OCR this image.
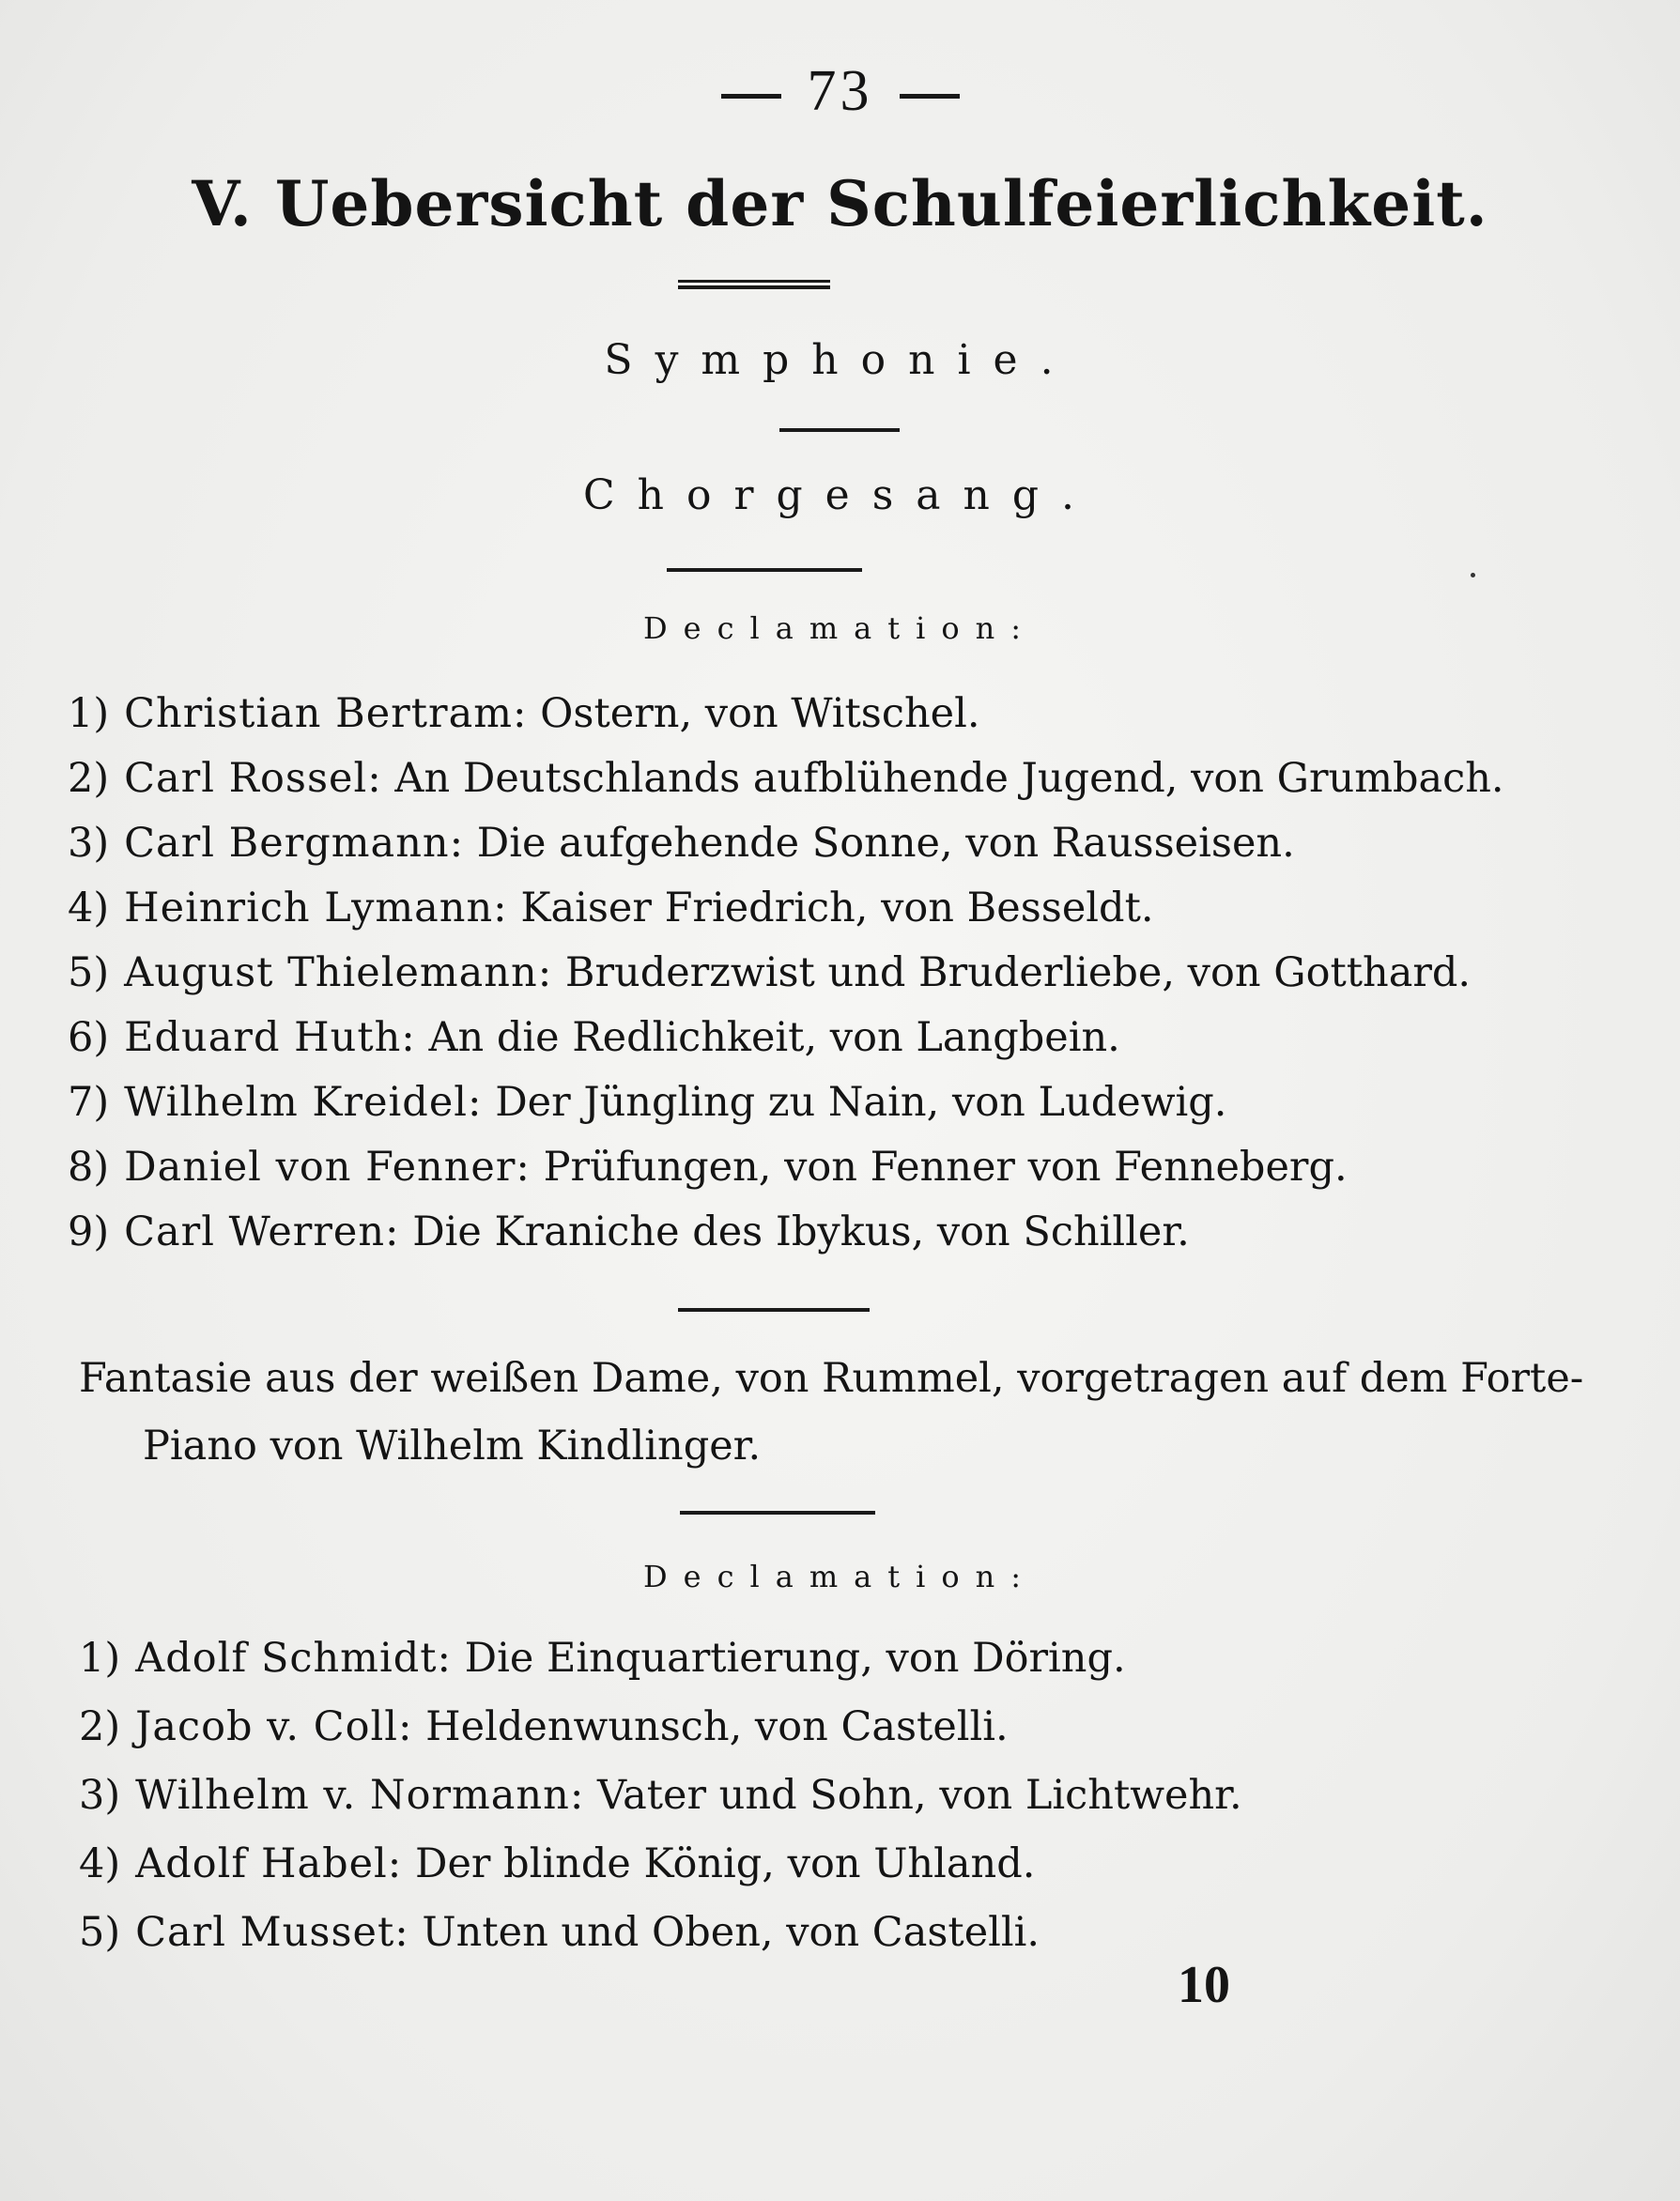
73
V. Uebersicht der Schulfeierlichkeit.
Symphonie.
Chorgesang.
Declamation:
1) Christian Bertram: Ostern, von Witschel.
2) Carl Rossel: An Deutschlands aufblühende Jugend, von Grumbach.
3) Carl Bergmann: Die aufgehende Sonne, von Rausseisen.
4) Heinrich Lymann: Kaiser Friedrich, von Besseldt.
5) August Thielemann: Bruderzwist und Bruderliebe, von Gotthard.
6) Eduard Huth: An die Redlichkeit, von Langbein.
7) Wilhelm Kreidel: Der Jüngling zu Nain, von Ludewig.
8) Daniel von Fenner: Prüfungen, von Fenner von Fenneberg.
9) Carl Werren: Die Kraniche des Ibykus, von Schiller.
Fantasie aus der weißen Dame, von Rummel, vorgetragen auf dem Forte-
Piano von Wilhelm Kindlinger.
Declamation:
1) Adolf Schmidt: Die Einquartierung, von Döring.
2) Jacob v. Coll: Heldenwunsch, von Castelli.
3) Wilhelm v. Normann: Vater und Sohn, von Lichtwehr.
4) Adolf Habel: Der blinde König, von Uhland.
5) Carl Musset: Unten und Oben, von Castelli.
10
